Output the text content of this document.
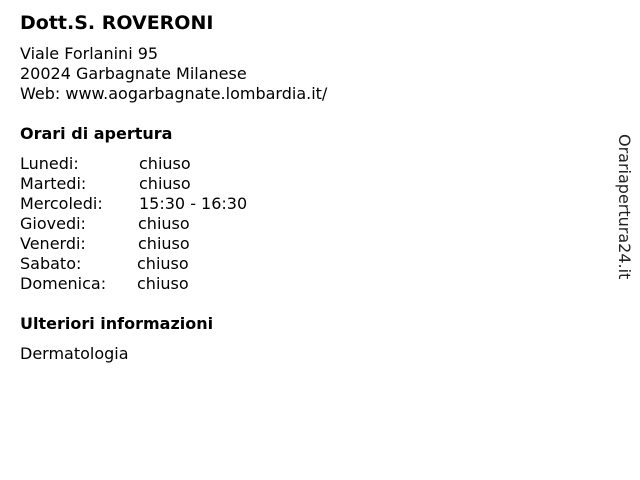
Dott.S. ROVERONI
Viale Forlanini 95
20024 Garbagnate Milanese
Web: www.aogarbagnate.lombardia.it/
Orari di apertura
Lunedi:	chiuso
Martedi:	chiuso
Mercoledi: 15:30 - 16:30
Giovedi:	chiuso
Venerdi:	chiuso
Sabato:	chiuso
Domenica: chiuso
Ulteriori informazioni
Dermatologia
Orariapertura24.it
